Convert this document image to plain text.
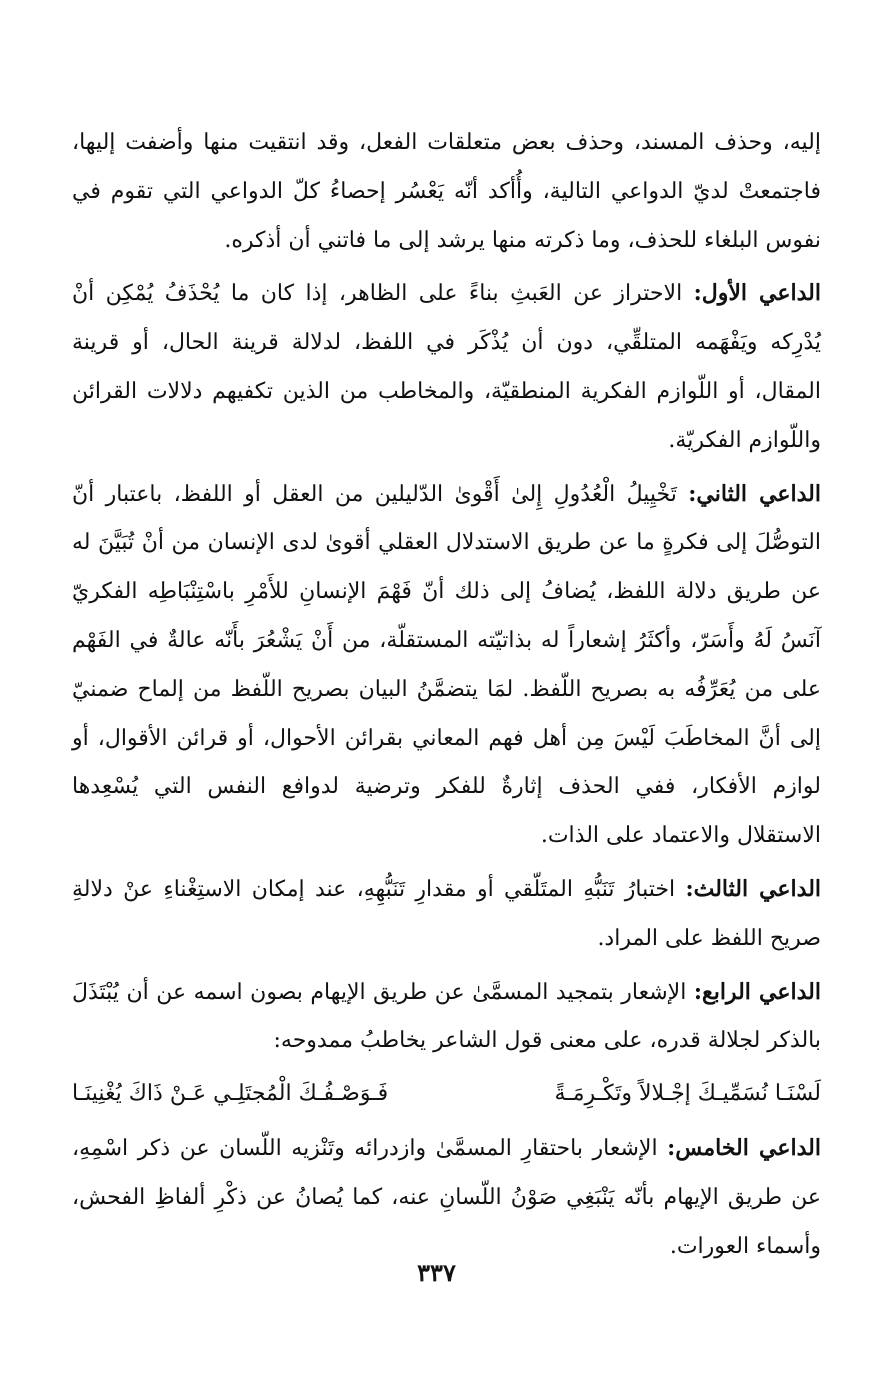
إليه، وحذف المسند، وحذف بعض متعلقات الفعل، وقد انتقيت منها وأضفت إليها، فاجتمعتْ لديّ الدواعي التالية، وأُأكد أنّه يَعْسُر إحصاءُ كلّ الدواعي التي تقوم في نفوس البلغاء للحذف، وما ذكرته منها يرشد إلى ما فاتني أن أذكره.

الداعي الأول: الاحتراز عن العَبثِ بناءً على الظاهر، إذا كان ما يُحْذَفُ يُمْكِن أنْ يُدْرِكه ويَفْهَمه المتلقِّي، دون أن يُذْكَر في اللفظ، لدلالة قرينة الحال، أو قرينة المقال، أو اللّوازم الفكرية المنطقيّة، والمخاطب من الذين تكفيهم دلالات القرائن واللّوازم الفكريّة.

الداعي الثاني: تَخْيِيلُ الْعُدُولِ إِلىٰ أَقْوىٰ الدّليلين من العقل أو اللفظ، باعتبار أنّ التوصُّلَ إلى فكرةٍ ما عن طريق الاستدلال العقلي أقوىٰ لدى الإنسان من أنْ تُبَيَّنَ له عن طريق دلالة اللفظ، يُضافُ إلى ذلك أنّ فَهْمَ الإنسانِ للأَمْرِ باسْتِنْبَاطِه الفكريّ آنَسُ لَهُ وأَسَرّ، وأكثَرُ إشعاراً له بذاتيّته المستقلّة، من أَنْ يَشْعُرَ بأَنّه عالةٌ في الفَهْم على من يُعَرِّفُه به بصريح اللّفظ. لمَا يتضمَّنُ البيان بصريح اللّفظ من إلماح ضمنيّ إلى أنَّ المخاطَبَ لَيْسَ مِن أهل فهم المعاني بقرائن الأحوال، أو قرائن الأقوال، أو لوازم الأفكار، ففي الحذف إثارةٌ للفكر وترضية لدوافع النفس التي يُسْعِدها الاستقلال والاعتماد على الذات.

الداعي الثالث: اختبارُ تَنَبُّهِ المتَلّقي أو مقدارِ تَنَبُّهِهِ، عند إمكان الاستِغْناءِ عنْ دلالةِ صريح اللفظ على المراد.

الداعي الرابع: الإشعار بتمجيد المسمَّىٰ عن طريق الإيهام بصون اسمه عن أن يُبْتَذَلَ بالذكر لجلالة قدره، على معنى قول الشاعر يخاطبُ ممدوحه:

لَسْنَـا نُسَمِّيـكَ إجْـلالاً وتَكْـرِمَـةً
فَـوَصْـفُـكَ الْمُجتَلِـي عَـنْ ذَاكَ يُغْنِينَـا

الداعي الخامس: الإشعار باحتقارِ المسمَّىٰ وازدرائه وتَنْزيه اللّسان عن ذكر اسْمِهِ، عن طريق الإيهام بأنّه يَنْبَغِي صَوْنُ اللّسانِ عنه، كما يُصانُ عن ذكْرِ ألفاظِ الفحش، وأسماء العورات.

٣٣٧
